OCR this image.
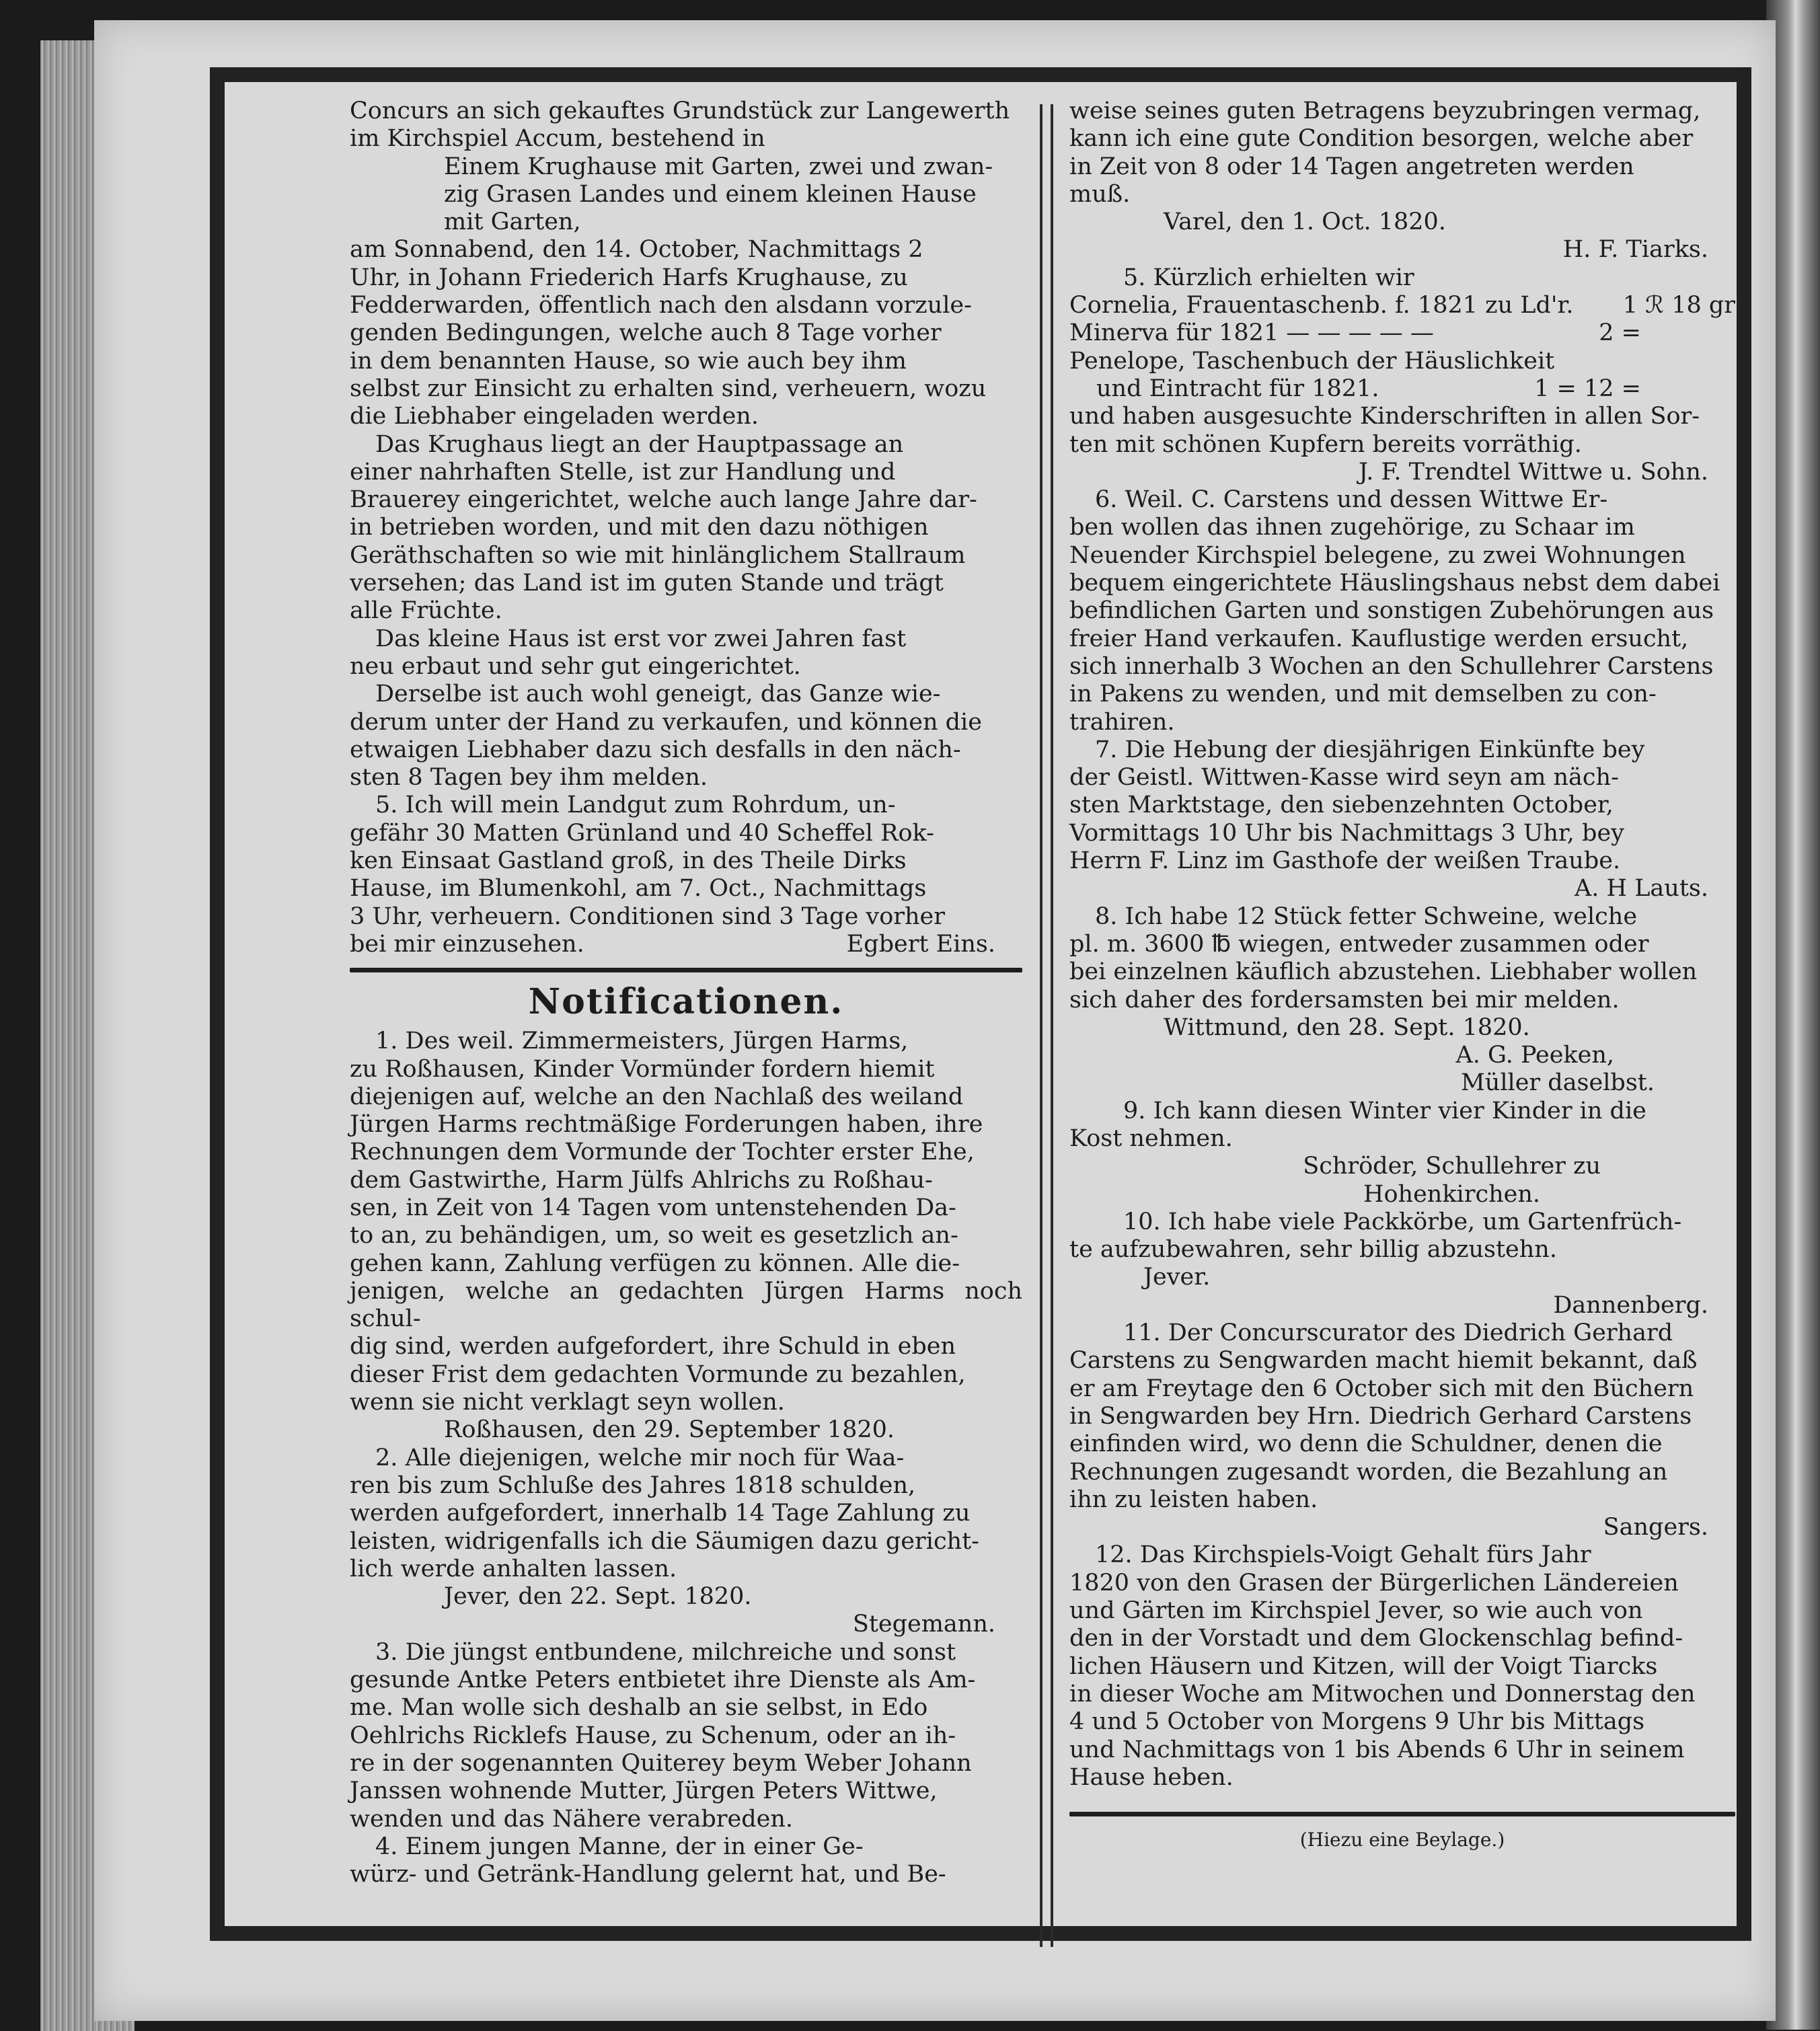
Concurs an sich gekauftes Grundstück zur Langewerth

im Kirchspiel Accum, bestehend in

Einem Krughause mit Garten, zwei und zwan-

zig Grasen Landes und einem kleinen Hause

mit Garten,

am Sonnabend, den 14. October, Nachmittags 2

Uhr, in Johann Friederich Harfs Krughause, zu

Fedderwarden, öffentlich nach den alsdann vorzule-

genden Bedingungen, welche auch 8 Tage vorher

in dem benannten Hause, so wie auch bey ihm

selbst zur Einsicht zu erhalten sind, verheuern, wozu

die Liebhaber eingeladen werden.

Das Krughaus liegt an der Hauptpassage an

einer nahrhaften Stelle, ist zur Handlung und

Brauerey eingerichtet, welche auch lange Jahre dar-

in betrieben worden, und mit den dazu nöthigen

Geräthschaften so wie mit hinlänglichem Stallraum

versehen; das Land ist im guten Stande und trägt

alle Früchte.

Das kleine Haus ist erst vor zwei Jahren fast

neu erbaut und sehr gut eingerichtet.

Derselbe ist auch wohl geneigt, das Ganze wie-

derum unter der Hand zu verkaufen, und können die

etwaigen Liebhaber dazu sich desfalls in den näch-

sten 8 Tagen bey ihm melden.

5. Ich will mein Landgut zum Rohrdum, un-

gefähr 30 Matten Grünland und 40 Scheffel Rok-

ken Einsaat Gastland groß, in des Theile Dirks

Hause, im Blumenkohl, am 7. Oct., Nachmittags

3 Uhr, verheuern. Conditionen sind 3 Tage vorher

bei mir einzusehen.	Egbert Eins.

Notificationen.

1. Des weil. Zimmermeisters, Jürgen Harms,

zu Roßhausen, Kinder Vormünder fordern hiemit

diejenigen auf, welche an den Nachlaß des weiland

Jürgen Harms rechtmäßige Forderungen haben, ihre

Rechnungen dem Vormunde der Tochter erster Ehe,

dem Gastwirthe, Harm Jülfs Ahlrichs zu Roßhau-

sen, in Zeit von 14 Tagen vom untenstehenden Da-

to an, zu behändigen, um, so weit es gesetzlich an-

gehen kann, Zahlung verfügen zu können. Alle die-

jenigen, welche an gedachten Jürgen Harms noch schul-

dig sind, werden aufgefordert, ihre Schuld in eben

dieser Frist dem gedachten Vormunde zu bezahlen,

wenn sie nicht verklagt seyn wollen.

Roßhausen, den 29. September 1820.

2. Alle diejenigen, welche mir noch für Waa-

ren bis zum Schluße des Jahres 1818 schulden,

werden aufgefordert, innerhalb 14 Tage Zahlung zu

leisten, widrigenfalls ich die Säumigen dazu gericht-

lich werde anhalten lassen.

Jever, den 22. Sept. 1820.

Stegemann.

3. Die jüngst entbundene, milchreiche und sonst

gesunde Antke Peters entbietet ihre Dienste als Am-

me. Man wolle sich deshalb an sie selbst, in Edo

Oehlrichs Ricklefs Hause, zu Schenum, oder an ih-

re in der sogenannten Quiterey beym Weber Johann

Janssen wohnende Mutter, Jürgen Peters Wittwe,

wenden und das Nähere verabreden.

4. Einem jungen Manne, der in einer Ge-

würz- und Getränk-Handlung gelernt hat, und Be-

weise seines guten Betragens beyzubringen vermag,

kann ich eine gute Condition besorgen, welche aber

in Zeit von 8 oder 14 Tagen angetreten werden

muß.

Varel, den 1. Oct. 1820.

H. F. Tiarks.

5. Kürzlich erhielten wir

Cornelia, Frauentaschenb. f. 1821 zu Ld'r. 1 ℛ 18 gr

Minerva für 1821 — — — — —	2 =

Penelope, Taschenbuch der Häuslichkeit

und Eintracht für 1821.	1 = 12 =

und haben ausgesuchte Kinderschriften in allen Sor-

ten mit schönen Kupfern bereits vorräthig.

J. F. Trendtel Wittwe u. Sohn.

6. Weil. C. Carstens und dessen Wittwe Er-

ben wollen das ihnen zugehörige, zu Schaar im

Neuender Kirchspiel belegene, zu zwei Wohnungen

bequem eingerichtete Häuslingshaus nebst dem dabei

befindlichen Garten und sonstigen Zubehörungen aus

freier Hand verkaufen. Kauflustige werden ersucht,

sich innerhalb 3 Wochen an den Schullehrer Carstens

in Pakens zu wenden, und mit demselben zu con-

trahiren.

7. Die Hebung der diesjährigen Einkünfte bey

der Geistl. Wittwen-Kasse wird seyn am näch-

sten Marktstage, den siebenzehnten October,

Vormittags 10 Uhr bis Nachmittags 3 Uhr, bey

Herrn F. Linz im Gasthofe der weißen Traube.

A. H Lauts.

8. Ich habe 12 Stück fetter Schweine, welche

pl. m. 3600 ℔ wiegen, entweder zusammen oder

bei einzelnen käuflich abzustehen. Liebhaber wollen

sich daher des fordersamsten bei mir melden.

Wittmund, den 28. Sept. 1820.

A. G. Peeken,

Müller daselbst.

9. Ich kann diesen Winter vier Kinder in die

Kost nehmen.

Schröder, Schullehrer zu

Hohenkirchen.

10. Ich habe viele Packkörbe, um Gartenfrüch-

te aufzubewahren, sehr billig abzustehn.

Jever.

Dannenberg.

11. Der Concurscurator des Diedrich Gerhard

Carstens zu Sengwarden macht hiemit bekannt, daß

er am Freytage den 6 October sich mit den Büchern

in Sengwarden bey Hrn. Diedrich Gerhard Carstens

einfinden wird, wo denn die Schuldner, denen die

Rechnungen zugesandt worden, die Bezahlung an

ihn zu leisten haben.

Sangers.

12. Das Kirchspiels-Voigt Gehalt fürs Jahr

1820 von den Grasen der Bürgerlichen Ländereien

und Gärten im Kirchspiel Jever, so wie auch von

den in der Vorstadt und dem Glockenschlag befind-

lichen Häusern und Kitzen, will der Voigt Tiarcks

in dieser Woche am Mitwochen und Donnerstag den

4 und 5 October von Morgens 9 Uhr bis Mittags

und Nachmittags von 1 bis Abends 6 Uhr in seinem

Hause heben.

(Hiezu eine Beylage.)
